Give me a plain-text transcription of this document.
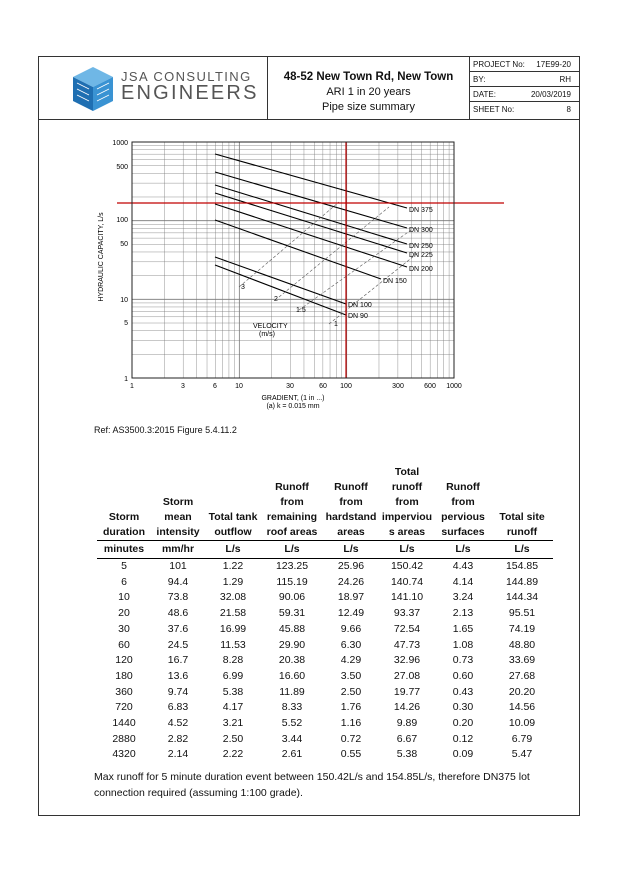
JSA CONSULTING
ENGINEERS
48-52 New Town Rd, New Town
ARI 1 in 20 years
Pipe size summary
PROJECT No: 17E99-20
BY:	RH
DATE:	20/03/2019
SHEET No:	8
1000
500
100
50
10
5
1
1	3	6	10	30	60 100	300	600 1000
GRADIENT, (1 in ...)
(a) k = 0.015 mm
HYDRAULIC CAPACITY, L/s
DN 375
DN 300
DN 250
DN 225
DN 200
DN 150
DN 100
DN 90
3
2
1.5
1
VELOCITY
(m/s)
Ref: AS3500.3:2015 Figure 5.4.11.2
					Total		
			Runoff	Runoff	runoff	Runoff	
	Storm		from	from	from	from	
Storm	mean	Total tank	remaining	hardstand	imperviou	pervious	Total site
duration	intensity	outflow	roof areas	areas	s areas	surfaces	runoff
minutes	mm/hr	L/s	L/s	L/s	L/s	L/s	L/s
5	101	1.22	123.25	25.96	150.42	4.43	154.85
6	94.4	1.29	115.19	24.26	140.74	4.14	144.89
10	73.8	32.08	90.06	18.97	141.10	3.24	144.34
20	48.6	21.58	59.31	12.49	93.37	2.13	95.51
30	37.6	16.99	45.88	9.66	72.54	1.65	74.19
60	24.5	11.53	29.90	6.30	47.73	1.08	48.80
120	16.7	8.28	20.38	4.29	32.96	0.73	33.69
180	13.6	6.99	16.60	3.50	27.08	0.60	27.68
360	9.74	5.38	11.89	2.50	19.77	0.43	20.20
720	6.83	4.17	8.33	1.76	14.26	0.30	14.56
1440	4.52	3.21	5.52	1.16	9.89	0.20	10.09
2880	2.82	2.50	3.44	0.72	6.67	0.12	6.79
4320	2.14	2.22	2.61	0.55	5.38	0.09	5.47
Max runoff for 5 minute duration event between 150.42L/s and 154.85L/s, therefore DN375 lot connection required (assuming 1:100 grade).
